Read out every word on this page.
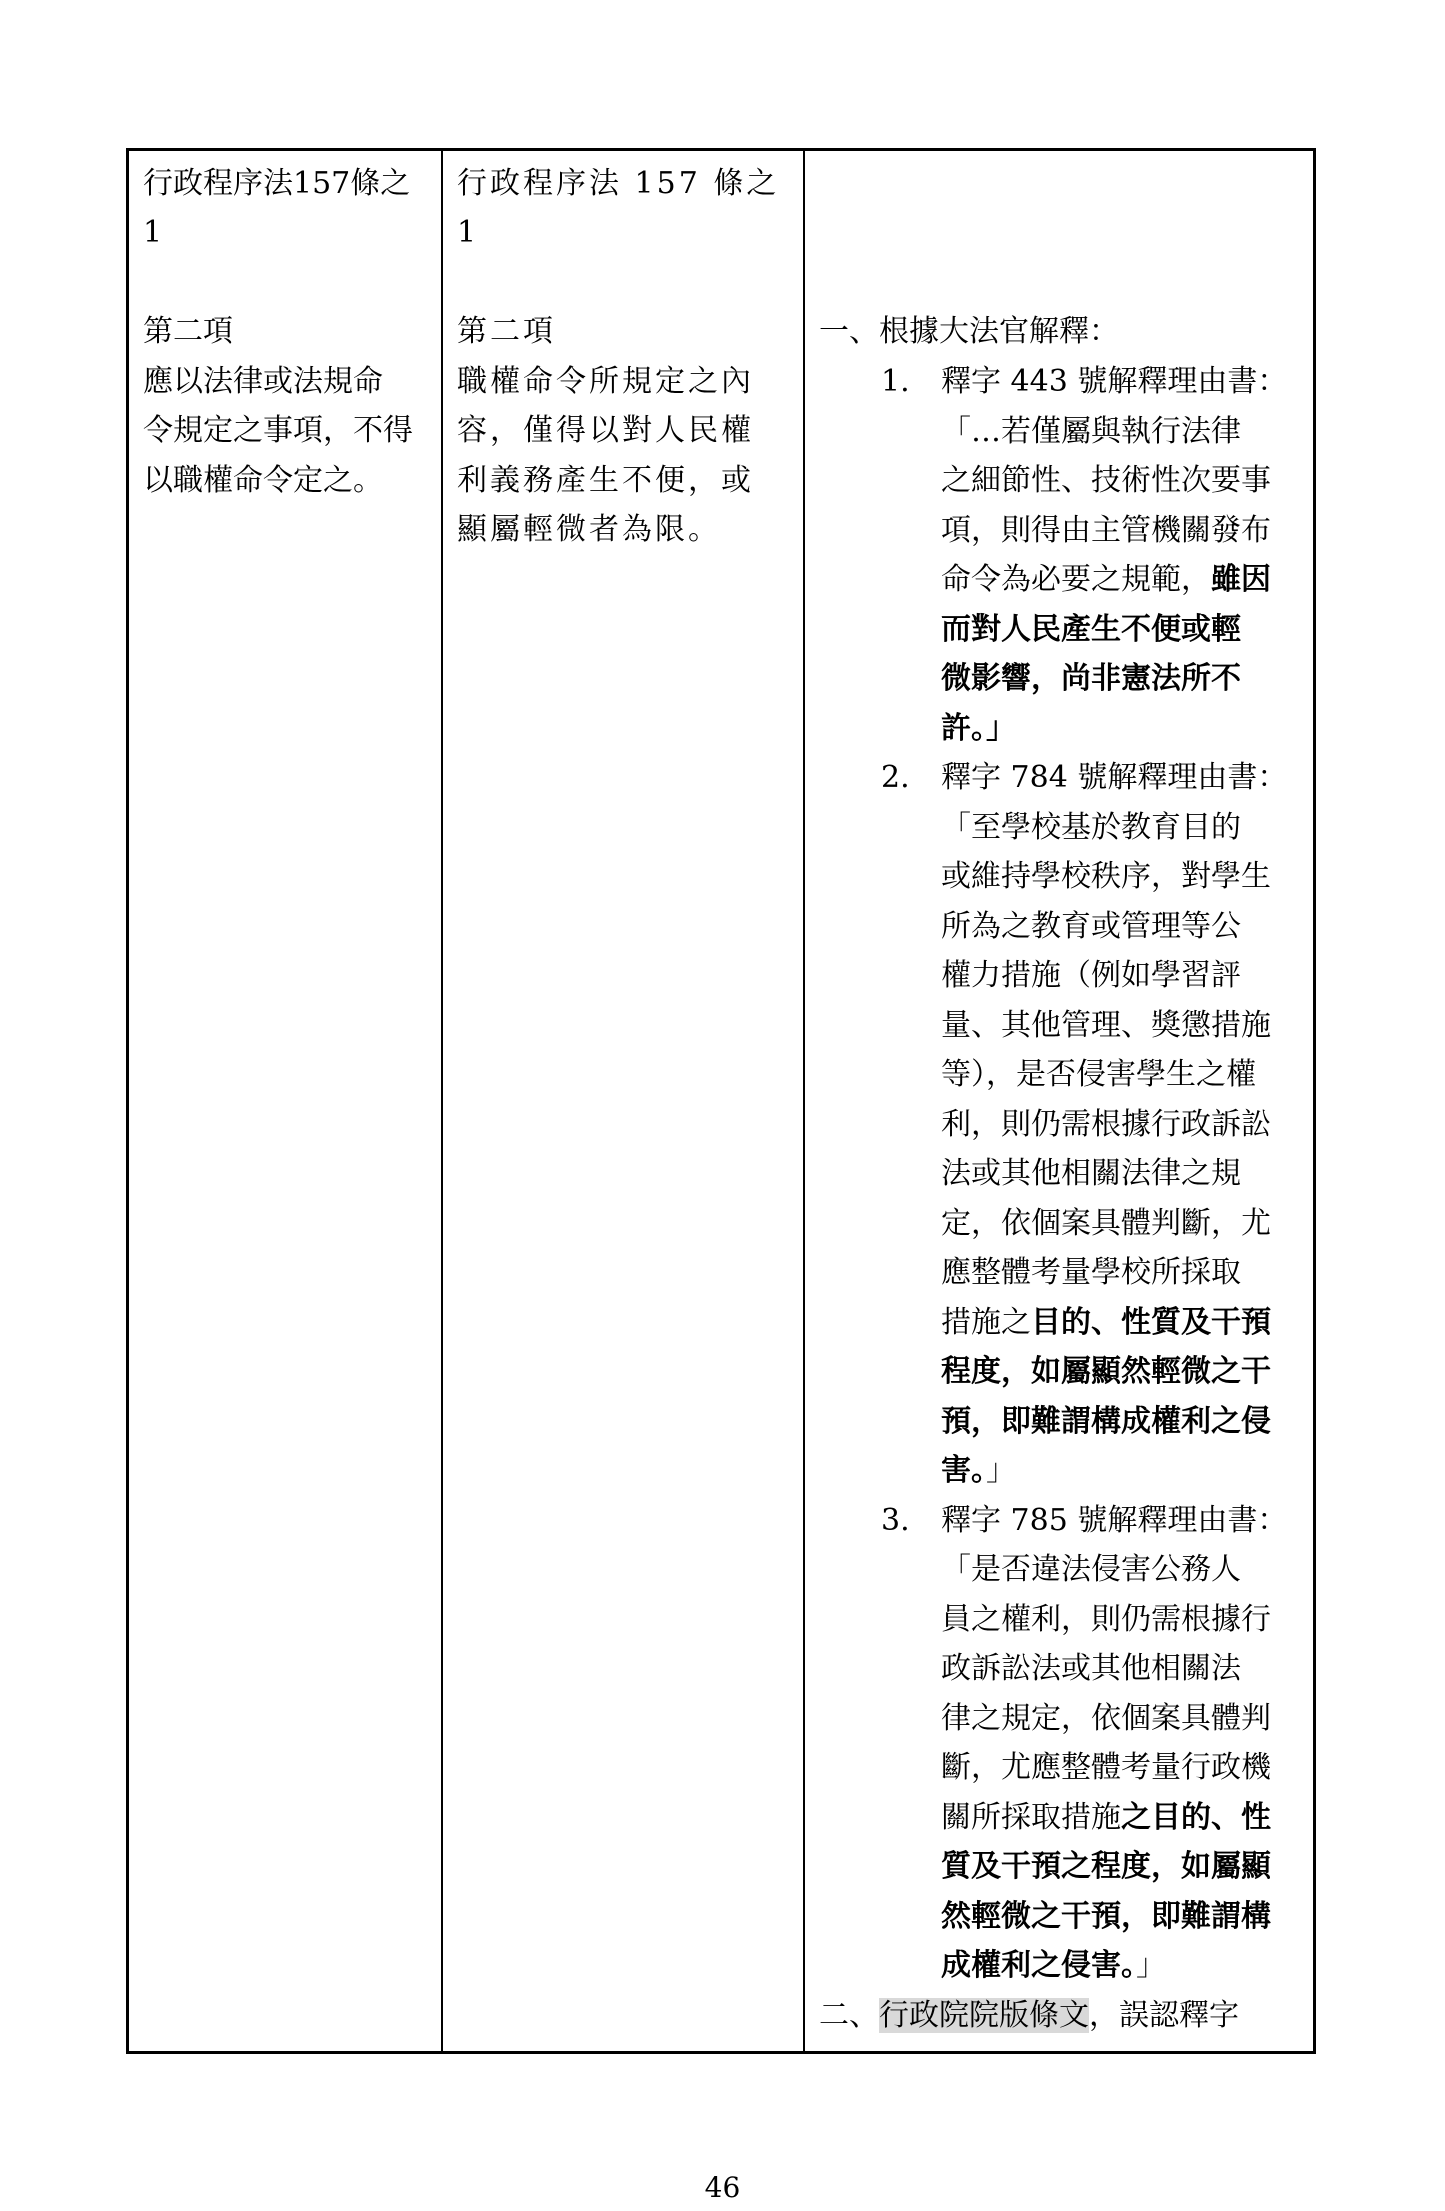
行政程序法157條之
1
第二項
應以法律或法規命
令規定之事項，不得
以職權命令定之。
行政程序法 157 條之
1
第二項
職權命令所規定之內
容，僅得以對人民權
利義務產生不便，或
顯屬輕微者為限。
一、根據大法官解釋：
1. 釋字 443 號解釋理由書：
「…若僅屬與執行法律
之細節性、技術性次要事
項，則得由主管機關發布
命令為必要之規範，雖因
而對人民產生不便或輕
微影響，尚非憲法所不
許。」
2. 釋字 784 號解釋理由書：
「至學校基於教育目的
或維持學校秩序，對學生
所為之教育或管理等公
權力措施（例如學習評
量、其他管理、獎懲措施
等），是否侵害學生之權
利，則仍需根據行政訴訟
法或其他相關法律之規
定，依個案具體判斷，尤
應整體考量學校所採取
措施之目的、性質及干預
程度，如屬顯然輕微之干
預，即難謂構成權利之侵
害。」
3. 釋字 785 號解釋理由書：
「是否違法侵害公務人
員之權利，則仍需根據行
政訴訟法或其他相關法
律之規定，依個案具體判
斷，尤應整體考量行政機
關所採取措施之目的、性
質及干預之程度，如屬顯
然輕微之干預，即難謂構
成權利之侵害。」
二、行政院院版條文，誤認釋字
46
